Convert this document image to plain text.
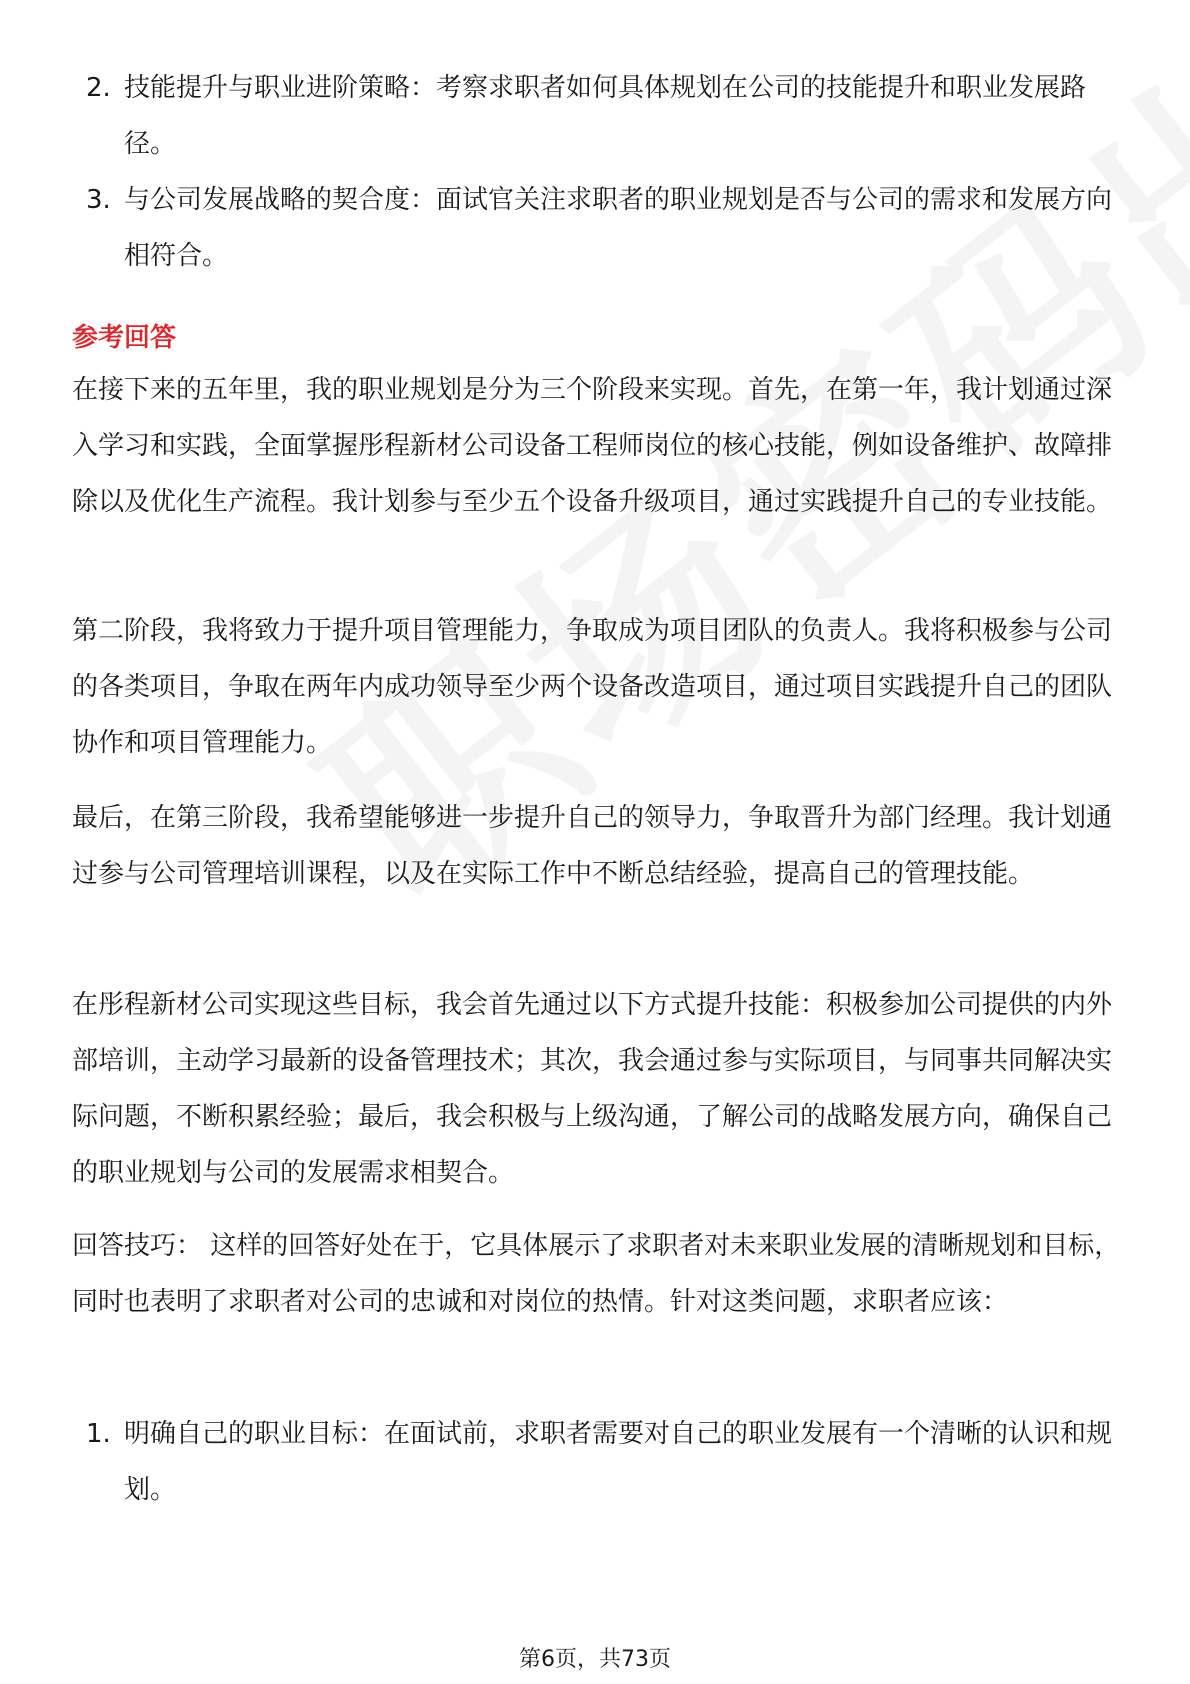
2. 技能提升与职业进阶策略：考察求职者如何具体规划在公司的技能提升和职业发展路径。
3. 与公司发展战略的契合度：面试官关注求职者的职业规划是否与公司的需求和发展方向相符合。
参考回答

在接下来的五年里，我的职业规划是分为三个阶段来实现。首先，在第一年，我计划通过深入学习和实践，全面掌握彤程新材公司设备工程师岗位的核心技能，例如设备维护、故障排除以及优化生产流程。我计划参与至少五个设备升级项目，通过实践提升自己的专业技能。

第二阶段，我将致力于提升项目管理能力，争取成为项目团队的负责人。我将积极参与公司的各类项目，争取在两年内成功领导至少两个设备改造项目，通过项目实践提升自己的团队协作和项目管理能力。

最后，在第三阶段，我希望能够进一步提升自己的领导力，争取晋升为部门经理。我计划通过参与公司管理培训课程，以及在实际工作中不断总结经验，提高自己的管理技能。

在彤程新材公司实现这些目标，我会首先通过以下方式提升技能：积极参加公司提供的内外部培训，主动学习最新的设备管理技术；其次，我会通过参与实际项目，与同事共同解决实际问题，不断积累经验；最后，我会积极与上级沟通，了解公司的战略发展方向，确保自己的职业规划与公司的发展需求相契合。

回答技巧： 这样的回答好处在于，它具体展示了求职者对未来职业发展的清晰规划和目标，同时也表明了求职者对公司的忠诚和对岗位的热情。针对这类问题，求职者应该：

1. 明确自己的职业目标：在面试前，求职者需要对自己的职业发展有一个清晰的认识和规划。
第6页，共73页
